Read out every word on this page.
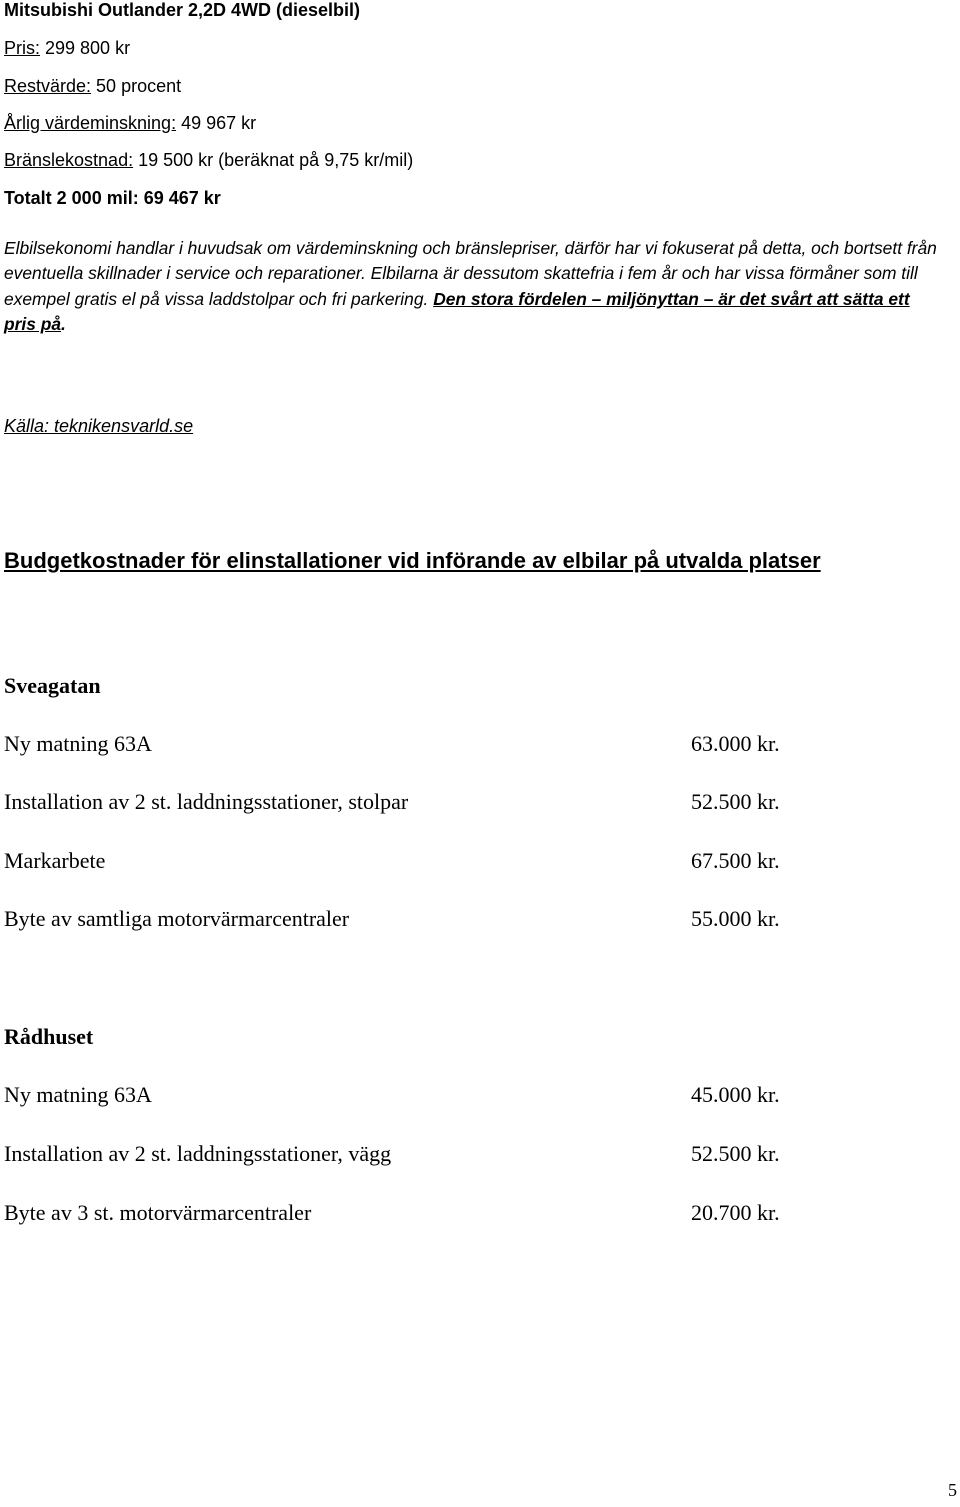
Mitsubishi Outlander 2,2D 4WD (dieselbil)
Pris: 299 800 kr
Restvärde: 50 procent
Årlig värdeminskning: 49 967 kr
Bränslekostnad: 19 500 kr (beräknat på 9,75 kr/mil)
Totalt 2 000 mil: 69 467 kr
Elbilsekonomi handlar i huvudsak om värdeminskning och bränslepriser, därför har vi fokuserat på detta, och bortsett från eventuella skillnader i service och reparationer. Elbilarna är dessutom skattefria i fem år och har vissa förmåner som till exempel gratis el på vissa laddstolpar och fri parkering. Den stora fördelen – miljönyttan – är det svårt att sätta ett pris på.
Källa: teknikensvarld.se
Budgetkostnader för elinstallationer vid införande av elbilar på utvalda platser
Sveagatan
Ny matning 63A	63.000 kr.
Installation av 2 st. laddningsstationer, stolpar	52.500 kr.
Markarbete	67.500 kr.
Byte av samtliga motorvärmarcentraler	55.000 kr.
Rådhuset
Ny matning 63A	45.000 kr.
Installation av 2 st. laddningsstationer, vägg	52.500 kr.
Byte av 3 st. motorvärmarcentraler	20.700 kr.
5
